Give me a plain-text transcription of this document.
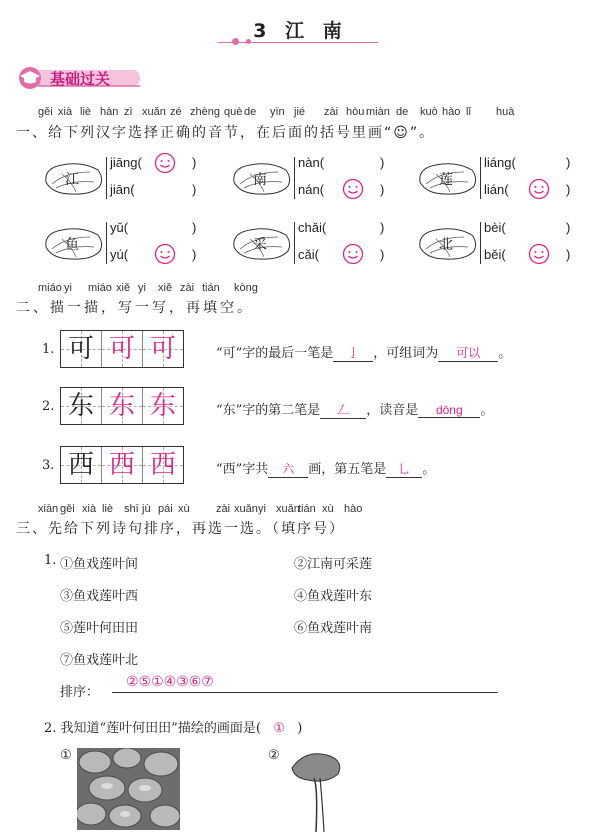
3 江 南
基础过关
gěi xià liè hàn zì xuǎn zé zhèng què de yīn jié zài hòu miàn de kuò hào lǐ huà
一、给下列汉字选择正确的音节，在后面的括号里画“☺”。
江
jiāng(	)
jiān(	)
南
nàn(	)
nán(	)
莲
liáng(	)
lián(	)
鱼
yǔ(	)
yú(	)
采
chǎi(	)
cǎi(	)
北
bèi(	)
běi(	)
miáo yi miáo xiě yi xiě zài tián kòng
二、描一描，写一写，再填空。
1. 可 可 可	“可”字的最后一笔是 亅 ，可组词为 可以 。
2. 东 东 东	“东”字的第二笔是 𠃋 ，读音是 dōng 。
3. 西 西 西	“西”字共 六 画，第五笔是 乚 。
xiān gěi xià liè shī jù pái xù zài xuǎn yi xuǎn
tián xù hào
三、先给下列诗句排序，再选一选。（填序号）
1. ①鱼戏莲叶间	②江南可采莲
③鱼戏莲叶西	④鱼戏莲叶东
⑤莲叶何田田	⑥鱼戏莲叶南
⑦鱼戏莲叶北
排序：
②⑤①④③⑥⑦
2. 我知道“莲叶何田田”描绘的画面是( ① )
①	②
